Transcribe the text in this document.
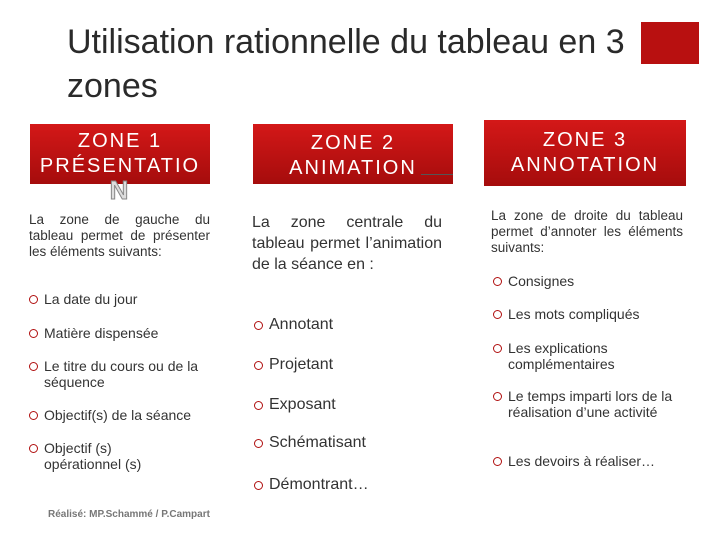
Utilisation rationnelle du tableau en 3 zones
ZONE 1
PRÉSENTATIO
N
La zone de gauche du tableau permet de présenter les éléments suivants:
La date du jour
Matière dispensée
Le titre du cours ou de la séquence
Objectif(s) de la séance
Objectif (s) opérationnel (s)
ZONE 2
ANIMATION
La zone centrale du tableau permet l’animation de la séance en :
Annotant
Projetant
Exposant
Schématisant
Démontrant…
ZONE 3
ANNOTATION
La zone de droite du tableau permet d’annoter les éléments suivants:
Consignes
Les mots compliqués
Les explications complémentaires
Le temps imparti lors de la réalisation d’une activité
Les devoirs à réaliser…
Réalisé: MP.Schammé / P.Campart
